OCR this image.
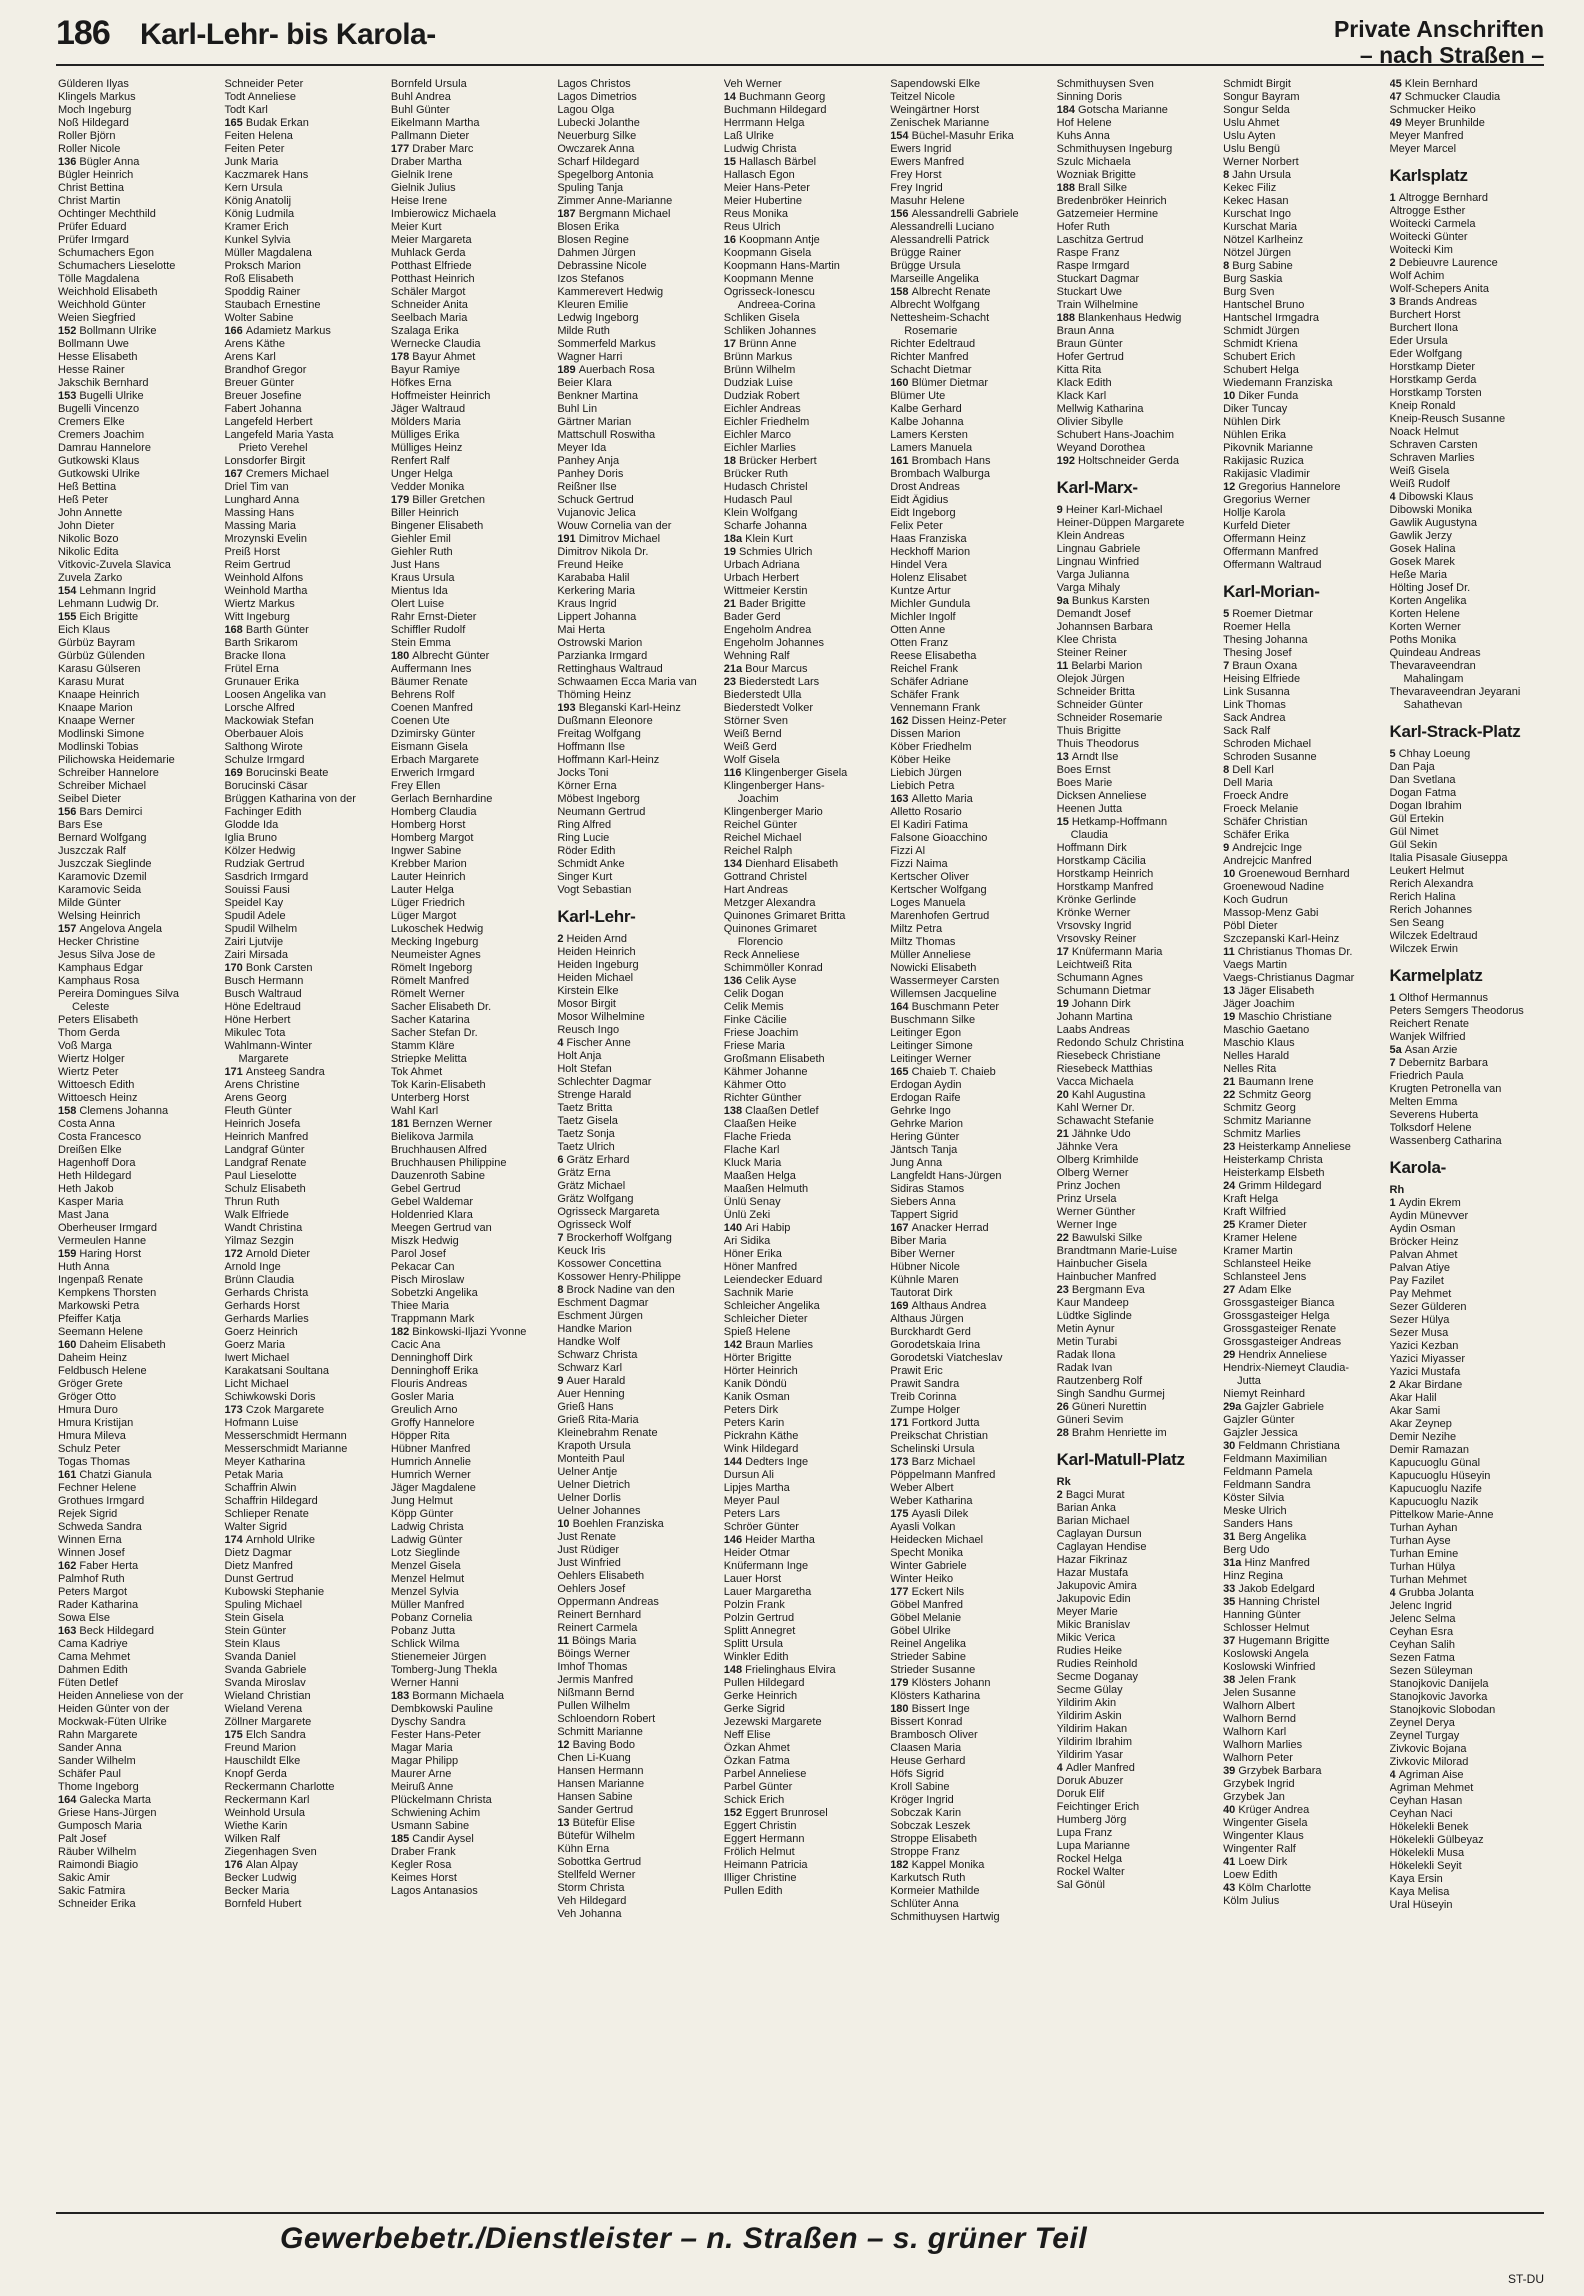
186 Karl-Lehr- bis Karola-	Private Anschriften
– nach Straßen –
Gülderen Ilyas
Klingels Markus
Moch Ingeburg
Noß Hildegard
Roller Björn
Roller Nicole
136 Bügler Anna
Bügler Heinrich
Christ Bettina
Christ Martin
Ochtinger Mechthild
Prüfer Eduard
Prüfer Irmgard
Schumachers Egon
Schumachers Lieselotte
Tölle Magdalena
Weichhold Elisabeth
Weichhold Günter
Weien Siegfried
152 Bollmann Ulrike
Bollmann Uwe
Hesse Elisabeth
Hesse Rainer
Jakschik Bernhard
153 Bugelli Ulrike
Bugelli Vincenzo
Cremers Elke
Cremers Joachim
Damrau Hannelore
Gutkowski Klaus
Gutkowski Ulrike
Heß Bettina
Heß Peter
John Annette
John Dieter
Nikolic Bozo
Nikolic Edita
Vitkovic-Zuvela Slavica
Zuvela Zarko
154 Lehmann Ingrid
Lehmann Ludwig Dr.
155 Eich Brigitte
Eich Klaus
Gürbüz Bayram
Gürbüz Gülenden
Karasu Gülseren
Karasu Murat
Knaape Heinrich
Knaape Marion
Knaape Werner
Modlinski Simone
Modlinski Tobias
Pilichowska Heidemarie
Schreiber Hannelore
Schreiber Michael
Seibel Dieter
156 Bars Demirci
Bars Ese
Bernard Wolfgang
Juszczak Ralf
Juszczak Sieglinde
Karamovic Dzemil
Karamovic Seida
Milde Günter
Welsing Heinrich
157 Angelova Angela
Hecker Christine
Jesus Silva Jose de
Kamphaus Edgar
Kamphaus Rosa
Pereira Domingues Silva
Celeste
Peters Elisabeth
Thom Gerda
Voß Marga
Wiertz Holger
Wiertz Peter
Wittoesch Edith
Wittoesch Heinz
158 Clemens Johanna
Costa Anna
Costa Francesco
Dreißen Elke
Hagenhoff Dora
Heth Hildegard
Heth Jakob
Kasper Maria
Mast Jana
Oberheuser Irmgard
Vermeulen Hanne
159 Haring Horst
Huth Anna
Ingenpaß Renate
Kempkens Thorsten
Markowski Petra
Pfeiffer Katja
Seemann Helene
160 Daheim Elisabeth
Daheim Heinz
Feldbusch Helene
Gröger Grete
Gröger Otto
Hmura Duro
Hmura Kristijan
Hmura Mileva
Schulz Peter
Togas Thomas
161 Chatzi Gianula
Fechner Helene
Grothues Irmgard
Rejek Sigrid
Schweda Sandra
Winnen Erna
Winnen Josef
162 Faber Herta
Palmhof Ruth
Peters Margot
Rader Katharina
Sowa Else
163 Beck Hildegard
Cama Kadriye
Cama Mehmet
Dahmen Edith
Füten Detlef
Heiden Anneliese von der
Heiden Günter von der
Mockwak-Füten Ulrike
Rahn Margarete
Sander Anna
Sander Wilhelm
Schäfer Paul
Thome Ingeborg
164 Galecka Marta
Griese Hans-Jürgen
Gumposch Maria
Palt Josef
Räuber Wilhelm
Raimondi Biagio
Sakic Amir
Sakic Fatmira
Schneider Erika
Schneider Peter
Todt Anneliese
Todt Karl
165 Budak Erkan
Feiten Helena
Feiten Peter
Junk Maria
Kaczmarek Hans
Kern Ursula
König Anatolij
König Ludmila
Kramer Erich
Kunkel Sylvia
Müller Magdalena
Proksch Marion
Roß Elisabeth
Spoddig Rainer
Staubach Ernestine
Wolter Sabine
166 Adamietz Markus
Arens Käthe
Arens Karl
Brandhof Gregor
Breuer Günter
Breuer Josefine
Fabert Johanna
Langefeld Herbert
Langefeld Maria Yasta
Prieto Verehel
Lonsdorfer Birgit
167 Cremers Michael
Driel Tim van
Lunghard Anna
Massing Hans
Massing Maria
Mrozynski Evelin
Preiß Horst
Reim Gertrud
Weinhold Alfons
Weinhold Martha
Wiertz Markus
Witt Ingeburg
168 Barth Günter
Barth Srikarom
Bracke Ilona
Frütel Erna
Grunauer Erika
Loosen Angelika van
Lorsche Alfred
Mackowiak Stefan
Oberbauer Alois
Salthong Wirote
Schulze Irmgard
169 Borucinski Beate
Borucinski Cäsar
Brüggen Katharina von der
Fachinger Edith
Glodde Ida
Iglia Bruno
Kölzer Hedwig
Rudziak Gertrud
Sasdrich Irmgard
Souissi Fausi
Speidel Kay
Spudil Adele
Spudil Wilhelm
Zairi Ljutvije
Zairi Mirsada
170 Bonk Carsten
Busch Hermann
Busch Waltraud
Höne Edeltraud
Höne Herbert
Mikulec Tota
Wahlmann-Winter
Margarete
171 Ansteeg Sandra
Arens Christine
Arens Georg
Fleuth Günter
Heinrich Josefa
Heinrich Manfred
Landgraf Günter
Landgraf Renate
Paul Lieselotte
Schulz Elisabeth
Thrun Ruth
Walk Elfriede
Wandt Christina
Yilmaz Sezgin
172 Arnold Dieter
Arnold Inge
Brünn Claudia
Gerhards Christa
Gerhards Horst
Gerhards Marlies
Goerz Heinrich
Goerz Maria
Iwert Michael
Karakatsani Soultana
Licht Michael
Schiwkowski Doris
173 Czok Margarete
Hofmann Luise
Messerschmidt Hermann
Messerschmidt Marianne
Meyer Katharina
Petak Maria
Schaffrin Alwin
Schaffrin Hildegard
Schlieper Renate
Walter Sigrid
174 Arnhold Ulrike
Dietz Dagmar
Dietz Manfred
Dunst Gertrud
Kubowski Stephanie
Spuling Michael
Stein Gisela
Stein Günter
Stein Klaus
Svanda Daniel
Svanda Gabriele
Svanda Miroslav
Wieland Christian
Wieland Verena
Zöllner Margarete
175 Elch Sandra
Freund Marion
Hauschildt Elke
Knopf Gerda
Reckermann Charlotte
Reckermann Karl
Weinhold Ursula
Wiethe Karin
Wilken Ralf
Ziegenhagen Sven
176 Alan Alpay
Becker Ludwig
Becker Maria
Bornfeld Hubert
Bornfeld Ursula
Buhl Andrea
Buhl Günter
Eikelmann Martha
Pallmann Dieter
177 Draber Marc
Draber Martha
Gielnik Irene
Gielnik Julius
Heise Irene
Imbierowicz Michaela
Meier Kurt
Meier Margareta
Muhlack Gerda
Potthast Elfriede
Potthast Heinrich
Schäler Margot
Schneider Anita
Seelbach Maria
Szalaga Erika
Wernecke Claudia
178 Bayur Ahmet
Bayur Ramiye
Höfkes Erna
Hoffmeister Heinrich
Jäger Waltraud
Mölders Maria
Mülliges Erika
Mülliges Heinz
Renfert Ralf
Unger Helga
Vedder Monika
179 Biller Gretchen
Biller Heinrich
Bingener Elisabeth
Giehler Emil
Giehler Ruth
Just Hans
Kraus Ursula
Mientus Ida
Olert Luise
Rahr Ernst-Dieter
Schiffler Rudolf
Stein Emma
180 Albrecht Günter
Auffermann Ines
Bäumer Renate
Behrens Rolf
Coenen Manfred
Coenen Ute
Dzimirsky Günter
Eismann Gisela
Erbach Margarete
Erwerich Irmgard
Frey Ellen
Gerlach Bernhardine
Homberg Claudia
Homberg Horst
Homberg Margot
Ingwer Sabine
Krebber Marion
Lauter Heinrich
Lauter Helga
Lüger Friedrich
Lüger Margot
Lukoschek Hedwig
Mecking Ingeburg
Neumeister Agnes
Römelt Ingeborg
Römelt Manfred
Römelt Werner
Sacher Elisabeth Dr.
Sacher Katarina
Sacher Stefan Dr.
Stamm Kläre
Striepke Melitta
Tok Ahmet
Tok Karin-Elisabeth
Unterberg Horst
Wahl Karl
181 Bernzen Werner
Bielikova Jarmila
Bruchhausen Alfred
Bruchhausen Philippine
Dauzenroth Sabine
Gebel Gertrud
Gebel Waldemar
Holdenried Klara
Meegen Gertrud van
Miszk Hedwig
Parol Josef
Pekacar Can
Pisch Miroslaw
Sobetzki Angelika
Thiee Maria
Trappmann Mark
182 Binkowski-Iljazi Yvonne
Cacic Ana
Denninghoff Dirk
Denninghoff Erika
Flouris Andreas
Gosler Maria
Greulich Arno
Groffy Hannelore
Höpper Rita
Hübner Manfred
Humrich Annelie
Humrich Werner
Jäger Magdalene
Jung Helmut
Köpp Günter
Ladwig Christa
Ladwig Günter
Lotz Sieglinde
Menzel Gisela
Menzel Helmut
Menzel Sylvia
Müller Manfred
Pobanz Cornelia
Pobanz Jutta
Schlick Wilma
Stienemeier Jürgen
Tomberg-Jung Thekla
Werner Hanni
183 Bormann Michaela
Dembkowski Pauline
Dyschy Sandra
Fester Hans-Peter
Magar Maria
Magar Philipp
Maurer Arne
Meiruß Anne
Plückelmann Christa
Schwiening Achim
Usmann Sabine
185 Candir Aysel
Draber Frank
Kegler Rosa
Keimes Horst
Lagos Antanasios
Lagos Christos
Lagos Dimetrios
Lagou Olga
Lubecki Jolanthe
Neuerburg Silke
Owczarek Anna
Scharf Hildegard
Spegelborg Antonia
Spuling Tanja
Zimmer Anne-Marianne
187 Bergmann Michael
Blosen Erika
Blosen Regine
Dahmen Jürgen
Debrassine Nicole
Izos Stefanos
Kammerevert Hedwig
Kleuren Emilie
Ledwig Ingeborg
Milde Ruth
Sommerfeld Markus
Wagner Harri
189 Auerbach Rosa
Beier Klara
Benkner Martina
Buhl Lin
Gärtner Marian
Mattschull Roswitha
Meyer Ida
Panhey Anja
Panhey Doris
Reißner Ilse
Schuck Gertrud
Vujanovic Jelica
Wouw Cornelia van der
191 Dimitrov Michael
Dimitrov Nikola Dr.
Freund Heike
Karababa Halil
Kerkering Maria
Kraus Ingrid
Lippert Johanna
Mai Herta
Ostrowski Marion
Parzianka Irmgard
Rettinghaus Waltraud
Schwaamen Ecca Maria van
Thöming Heinz
193 Bleganski Karl-Heinz
Dußmann Eleonore
Freitag Wolfgang
Hoffmann Ilse
Hoffmann Karl-Heinz
Jocks Toni
Körner Erna
Möbest Ingeborg
Neumann Gertrud
Ring Alfred
Ring Lucie
Röder Edith
Schmidt Anke
Singer Kurt
Vogt Sebastian
Karl-Lehr-
2 Heiden Arnd
Heiden Heinrich
Heiden Ingeburg
Heiden Michael
Kirstein Elke
Mosor Birgit
Mosor Wilhelmine
Reusch Ingo
4 Fischer Anne
Holt Anja
Holt Stefan
Schlechter Dagmar
Strenge Harald
Taetz Britta
Taetz Gisela
Taetz Sonja
Taetz Ulrich
6 Grätz Erhard
Grätz Erna
Grätz Michael
Grätz Wolfgang
Ogrisseck Margareta
Ogrisseck Wolf
7 Brockerhoff Wolfgang
Keuck Iris
Kossower Concettina
Kossower Henry-Philippe
8 Brock Nadine van den
Eschment Dagmar
Eschment Jürgen
Handke Marion
Handke Wolf
Schwarz Christa
Schwarz Karl
9 Auer Harald
Auer Henning
Grieß Hans
Grieß Rita-Maria
Kleinebrahm Renate
Krapoth Ursula
Monteith Paul
Uelner Antje
Uelner Dietrich
Uelner Dorlis
Uelner Johannes
10 Boehlen Franziska
Just Renate
Just Rüdiger
Just Winfried
Oehlers Elisabeth
Oehlers Josef
Oppermann Andreas
Reinert Bernhard
Reinert Carmela
11 Böings Maria
Böings Werner
Imhof Thomas
Jermis Manfred
Nißmann Bernd
Pullen Wilhelm
Schloendorn Robert
Schmitt Marianne
12 Baving Bodo
Chen Li-Kuang
Hansen Hermann
Hansen Marianne
Hansen Sabine
Sander Gertrud
13 Bütefür Elise
Bütefür Wilhelm
Kühn Erna
Sobottka Gertrud
Stellfeld Werner
Storm Christa
Veh Hildegard
Veh Johanna
Veh Werner
14 Buchmann Georg
Buchmann Hildegard
Herrmann Helga
Laß Ulrike
Ludwig Christa
15 Hallasch Bärbel
Hallasch Egon
Meier Hans-Peter
Meier Hubertine
Reus Monika
Reus Ulrich
16 Koopmann Antje
Koopmann Gisela
Koopmann Hans-Martin
Koopmann Menne
Ogrisseck-Ionescu
Andreea-Corina
Schliken Gisela
Schliken Johannes
17 Brünn Anne
Brünn Markus
Brünn Wilhelm
Dudziak Luise
Dudziak Robert
Eichler Andreas
Eichler Friedhelm
Eichler Marco
Eichler Marlies
18 Brücker Herbert
Brücker Ruth
Hudasch Christel
Hudasch Paul
Klein Wolfgang
Scharfe Johanna
18a Klein Kurt
19 Schmies Ulrich
Urbach Adriana
Urbach Herbert
Wittmeier Kerstin
21 Bader Brigitte
Bader Gerd
Engeholm Andrea
Engeholm Johannes
Wehning Ralf
21a Bour Marcus
23 Biederstedt Lars
Biederstedt Ulla
Biederstedt Volker
Störner Sven
Weiß Bernd
Weiß Gerd
Wolf Gisela
116 Klingenberger Gisela
Klingenberger Hans-
Joachim
Klingenberger Mario
Reichel Günter
Reichel Michael
Reichel Ralph
134 Dienhard Elisabeth
Gottrand Christel
Hart Andreas
Metzger Alexandra
Quinones Grimaret Britta
Quinones Grimaret
Florencio
Reck Anneliese
Schimmöller Konrad
136 Celik Ayse
Celik Dogan
Celik Memis
Finke Cäcilie
Friese Joachim
Friese Maria
Großmann Elisabeth
Kähmer Johanne
Kähmer Otto
Richter Günther
138 Claaßen Detlef
Claaßen Heike
Flache Frieda
Flache Karl
Kluck Maria
Maaßen Helga
Maaßen Helmuth
Ünlü Senay
Ünlü Zeki
140 Ari Habip
Ari Sidika
Höner Erika
Höner Manfred
Leiendecker Eduard
Sachnik Marie
Schleicher Angelika
Schleicher Dieter
Spieß Helene
142 Braun Marlies
Hörter Brigitte
Hörter Heinrich
Kanik Döndü
Kanik Osman
Peters Dirk
Peters Karin
Pickrahn Käthe
Wink Hildegard
144 Dedters Inge
Dursun Ali
Lipjes Martha
Meyer Paul
Peters Lars
Schröer Günter
146 Heider Martha
Heider Otmar
Knüfermann Inge
Lauer Horst
Lauer Margaretha
Polzin Frank
Polzin Gertrud
Splitt Annegret
Splitt Ursula
Winkler Edith
148 Frielinghaus Elvira
Pullen Hildegard
Gerke Heinrich
Gerke Sigrid
Jezewski Margarete
Neff Elise
Özkan Ahmet
Özkan Fatma
Parbel Anneliese
Parbel Günter
Schick Erich
152 Eggert Brunrosel
Eggert Christin
Eggert Hermann
Frölich Helmut
Heimann Patricia
Illiger Christine
Pullen Edith
Sapendowski Elke
Teitzel Nicole
Weingärtner Horst
Zenischek Marianne
154 Büchel-Masuhr Erika
Ewers Ingrid
Ewers Manfred
Frey Horst
Frey Ingrid
Masuhr Helene
156 Alessandrelli Gabriele
Alessandrelli Luciano
Alessandrelli Patrick
Brügge Rainer
Brügge Ursula
Marseille Angelika
158 Albrecht Renate
Albrecht Wolfgang
Nettesheim-Schacht
Rosemarie
Richter Edeltraud
Richter Manfred
Schacht Dietmar
160 Blümer Dietmar
Blümer Ute
Kalbe Gerhard
Kalbe Johanna
Lamers Kersten
Lamers Manuela
161 Brombach Hans
Brombach Walburga
Drost Andreas
Eidt Ägidius
Eidt Ingeborg
Felix Peter
Haas Franziska
Heckhoff Marion
Hindel Vera
Holenz Elisabet
Kuntze Artur
Michler Gundula
Michler Ingolf
Otten Anne
Otten Franz
Reese Elisabetha
Reichel Frank
Schäfer Adriane
Schäfer Frank
Vennemann Frank
162 Dissen Heinz-Peter
Dissen Marion
Köber Friedhelm
Köber Heike
Liebich Jürgen
Liebich Petra
163 Alletto Maria
Alletto Rosario
El Kadiri Fatima
Falsone Gioacchino
Fizzi Al
Fizzi Naima
Kertscher Oliver
Kertscher Wolfgang
Loges Manuela
Marenhofen Gertrud
Miltz Petra
Miltz Thomas
Müller Anneliese
Nowicki Elisabeth
Wassermeyer Carsten
Willemsen Jacqueline
164 Buschmann Peter
Buschmann Silke
Leitinger Egon
Leitinger Simone
Leitinger Werner
165 Chaieb T. Chaieb
Erdogan Aydin
Erdogan Raife
Gehrke Ingo
Gehrke Marion
Hering Günter
Jäntsch Tanja
Jung Anna
Langfeldt Hans-Jürgen
Sidiras Stamos
Siebers Anna
Tappert Sigrid
167 Anacker Herrad
Biber Maria
Biber Werner
Hübner Nicole
Kühnle Maren
Tautorat Dirk
169 Althaus Andrea
Althaus Jürgen
Burckhardt Gerd
Gorodetskaia Irina
Gorodetski Viatcheslav
Prawit Eric
Prawit Sandra
Treib Corinna
Zumpe Holger
171 Fortkord Jutta
Preikschat Christian
Schelinski Ursula
173 Barz Michael
Pöppelmann Manfred
Weber Albert
Weber Katharina
175 Ayasli Dilek
Ayasli Volkan
Heidecken Michael
Specht Monika
Winter Gabriele
Winter Heiko
177 Eckert Nils
Göbel Manfred
Göbel Melanie
Göbel Ulrike
Reinel Angelika
Strieder Sabine
Strieder Susanne
179 Klösters Johann
Klösters Katharina
180 Bissert Inge
Bissert Konrad
Brambosch Oliver
Claasen Maria
Heuse Gerhard
Höfs Sigrid
Kroll Sabine
Kröger Ingrid
Sobczak Karin
Sobczak Leszek
Stroppe Elisabeth
Stroppe Franz
182 Kappel Monika
Karkutsch Ruth
Kormeier Mathilde
Schlüter Anna
Schmithuysen Hartwig
Schmithuysen Sven
Sinning Doris
184 Gotscha Marianne
Hof Helene
Kuhs Anna
Schmithuysen Ingeburg
Szulc Michaela
Wozniak Brigitte
188 Brall Silke
Bredenbröker Heinrich
Gatzemeier Hermine
Hofer Ruth
Laschitza Gertrud
Raspe Franz
Raspe Irmgard
Stuckart Dagmar
Stuckart Uwe
Train Wilhelmine
188 Blankenhaus Hedwig
Braun Anna
Braun Günter
Hofer Gertrud
Kitta Rita
Klack Edith
Klack Karl
Mellwig Katharina
Olivier Sibylle
Schubert Hans-Joachim
Weyand Dorothea
192 Holtschneider Gerda
Karl-Marx-
9 Heiner Karl-Michael
Heiner-Düppen Margarete
Klein Andreas
Lingnau Gabriele
Lingnau Winfried
Varga Julianna
Varga Mihaly
9a Bunkus Karsten
Demandt Josef
Johannsen Barbara
Klee Christa
Steiner Reiner
11 Belarbi Marion
Olejok Jürgen
Schneider Britta
Schneider Günter
Schneider Rosemarie
Thuis Brigitte
Thuis Theodorus
13 Arndt Ilse
Boes Ernst
Boes Marie
Dicksen Anneliese
Heenen Jutta
15 Hetkamp-Hoffmann
Claudia
Hoffmann Dirk
Horstkamp Cäcilia
Horstkamp Heinrich
Horstkamp Manfred
Krönke Gerlinde
Krönke Werner
Vrsovsky Ingrid
Vrsovsky Reiner
17 Knüfermann Maria
Leichtweiß Rita
Schumann Agnes
Schumann Dietmar
19 Johann Dirk
Johann Martina
Laabs Andreas
Redondo Schulz Christina
Riesebeck Christiane
Riesebeck Matthias
Vacca Michaela
20 Kahl Augustina
Kahl Werner Dr.
Schawacht Stefanie
21 Jähnke Udo
Jähnke Vera
Olberg Krimhilde
Olberg Werner
Prinz Jochen
Prinz Ursela
Werner Günther
Werner Inge
22 Bawulski Silke
Brandtmann Marie-Luise
Hainbucher Gisela
Hainbucher Manfred
23 Bergmann Eva
Kaur Mandeep
Lüdtke Siglinde
Metin Aynur
Metin Turabi
Radak Ilona
Radak Ivan
Rautzenberg Rolf
Singh Sandhu Gurmej
26 Güneri Nurettin
Güneri Sevim
28 Brahm Henriette im
Karl-Matull-Platz
Rk
2 Bagci Murat
Barian Anka
Barian Michael
Caglayan Dursun
Caglayan Hendise
Hazar Fikrinaz
Hazar Mustafa
Jakupovic Amira
Jakupovic Edin
Meyer Marie
Mikic Branislav
Mikic Verica
Rudies Heike
Rudies Reinhold
Secme Doganay
Secme Gülay
Yildirim Akin
Yildirim Askin
Yildirim Hakan
Yildirim Ibrahim
Yildirim Yasar
4 Adler Manfred
Doruk Abuzer
Doruk Elif
Feichtinger Erich
Humberg Jörg
Lupa Franz
Lupa Marianne
Rockel Helga
Rockel Walter
Sal Gönül
Schmidt Birgit
Songur Bayram
Songur Selda
Uslu Ahmet
Uslu Ayten
Uslu Bengü
Werner Norbert
8 Jahn Ursula
Kekec Filiz
Kekec Hasan
Kurschat Ingo
Kurschat Maria
Nötzel Karlheinz
Nötzel Jürgen
8 Burg Sabine
Burg Saskia
Burg Sven
Hantschel Bruno
Hantschel Irmgadra
Schmidt Jürgen
Schmidt Kriena
Schubert Erich
Schubert Helga
Wiedemann Franziska
10 Diker Funda
Diker Tuncay
Nühlen Dirk
Nühlen Erika
Pikovnik Marianne
Rakijasic Ruzica
Rakijasic Vladimir
12 Gregorius Hannelore
Gregorius Werner
Hollje Karola
Kurfeld Dieter
Offermann Heinz
Offermann Manfred
Offermann Waltraud
Karl-Morian-
5 Roemer Dietmar
Roemer Hella
Thesing Johanna
Thesing Josef
7 Braun Oxana
Heising Elfriede
Link Susanna
Link Thomas
Sack Andrea
Sack Ralf
Schroden Michael
Schroden Susanne
8 Dell Karl
Dell Maria
Froeck Andre
Froeck Melanie
Schäfer Christian
Schäfer Erika
9 Andrejcic Inge
Andrejcic Manfred
10 Groenewoud Bernhard
Groenewoud Nadine
Koch Gudrun
Massop-Menz Gabi
Pöbl Dieter
Szczepanski Karl-Heinz
11 Christianus Thomas Dr.
Vaegs Martin
Vaegs-Christianus Dagmar
13 Jäger Elisabeth
Jäger Joachim
19 Maschio Christiane
Maschio Gaetano
Maschio Klaus
Nelles Harald
Nelles Rita
21 Baumann Irene
22 Schmitz Georg
Schmitz Georg
Schmitz Marianne
Schmitz Marlies
23 Heisterkamp Anneliese
Heisterkamp Christa
Heisterkamp Elsbeth
24 Grimm Hildegard
Kraft Helga
Kraft Wilfried
25 Kramer Dieter
Kramer Helene
Kramer Martin
Schlansteel Heike
Schlansteel Jens
27 Adam Elke
Grossgasteiger Bianca
Grossgasteiger Helga
Grossgasteiger Renate
Grossgasteiger Andreas
29 Hendrix Anneliese
Hendrix-Niemeyt Claudia-
Jutta
Niemyt Reinhard
29a Gajzler Gabriele
Gajzler Günter
Gajzler Jessica
30 Feldmann Christiana
Feldmann Maximilian
Feldmann Pamela
Feldmann Sandra
Köster Silvia
Meske Ulrich
Sanders Hans
31 Berg Angelika
Berg Udo
31a Hinz Manfred
Hinz Regina
33 Jakob Edelgard
35 Hanning Christel
Hanning Günter
Schlosser Helmut
37 Hugemann Brigitte
Koslowski Angela
Koslowski Winfried
38 Jelen Frank
Jelen Susanne
Walhorn Albert
Walhorn Bernd
Walhorn Karl
Walhorn Marlies
Walhorn Peter
39 Grzybek Barbara
Grzybek Ingrid
Grzybek Jan
40 Krüger Andrea
Wingenter Gisela
Wingenter Klaus
Wingenter Ralf
41 Loew Dirk
Loew Edith
43 Kölm Charlotte
Kölm Julius
45 Klein Bernhard
47 Schmucker Claudia
Schmucker Heiko
49 Meyer Brunhilde
Meyer Manfred
Meyer Marcel
Karlsplatz
1 Altrogge Bernhard
Altrogge Esther
Woitecki Carmela
Woitecki Günter
Woitecki Kim
2 Debieuvre Laurence
Wolf Achim
Wolf-Schepers Anita
3 Brands Andreas
Burchert Horst
Burchert Ilona
Eder Ursula
Eder Wolfgang
Horstkamp Dieter
Horstkamp Gerda
Horstkamp Torsten
Kneip Ronald
Kneip-Reusch Susanne
Noack Helmut
Schraven Carsten
Schraven Marlies
Weiß Gisela
Weiß Rudolf
4 Dibowski Klaus
Dibowski Monika
Gawlik Augustyna
Gawlik Jerzy
Gosek Halina
Gosek Marek
Heße Maria
Hölting Josef Dr.
Korten Angelika
Korten Helene
Korten Werner
Poths Monika
Quindeau Andreas
Thevaraveendran
Mahalingam
Thevaraveendran Jeyarani
Sahathevan
Karl-Strack-Platz
5 Chhay Loeung
Dan Paja
Dan Svetlana
Dogan Fatma
Dogan Ibrahim
Gül Ertekin
Gül Nimet
Gül Sekin
Italia Pisasale Giuseppa
Leukert Helmut
Rerich Alexandra
Rerich Halina
Rerich Johannes
Sen Seang
Wilczek Edeltraud
Wilczek Erwin
Karmelplatz
1 Olthof Hermannus
Peters Semgers Theodorus
Reichert Renate
Wanjek Wilfried
5a Asan Arzie
7 Debernitz Barbara
Friedrich Paula
Krugten Petronella van
Melten Emma
Severens Huberta
Tolksdorf Helene
Wassenberg Catharina
Karola-
Rh
1 Aydin Ekrem
Aydin Münevver
Aydin Osman
Bröcker Heinz
Palvan Ahmet
Palvan Atiye
Pay Fazilet
Pay Mehmet
Sezer Gülderen
Sezer Hülya
Sezer Musa
Yazici Kezban
Yazici Miyasser
Yazici Mustafa
2 Akar Birdane
Akar Halil
Akar Sami
Akar Zeynep
Demir Nezihe
Demir Ramazan
Kapucuoglu Günal
Kapucuoglu Hüseyin
Kapucuoglu Nazife
Kapucuoglu Nazik
Pittelkow Marie-Anne
Turhan Ayhan
Turhan Ayse
Turhan Emine
Turhan Hülya
Turhan Mehmet
4 Grubba Jolanta
Jelenc Ingrid
Jelenc Selma
Ceyhan Esra
Ceyhan Salih
Sezen Fatma
Sezen Süleyman
Stanojkovic Danijela
Stanojkovic Javorka
Stanojkovic Slobodan
Zeynel Derya
Zeynel Turgay
Zivkovic Bojana
Zivkovic Milorad
4 Agriman Aise
Agriman Mehmet
Ceyhan Hasan
Ceyhan Naci
Hökelekli Benek
Hökelekli Gülbeyaz
Hökelekli Musa
Hökelekli Seyit
Kaya Ersin
Kaya Melisa
Ural Hüseyin
Gewerbebetr./Dienstleister – n. Straßen – s. grüner Teil
ST-DU
